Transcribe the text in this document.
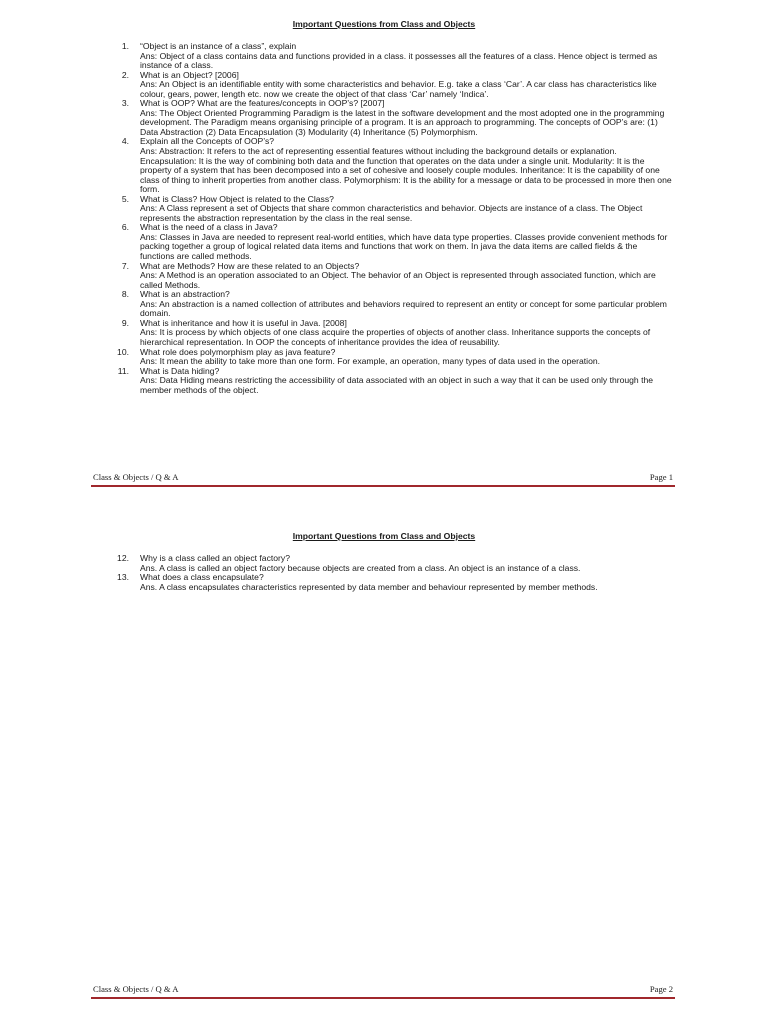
Important Questions from Class and Objects
1.	“Object is an instance of a class”, explain
Ans: Object of a class contains data and functions provided in a class. it possesses all the features of a class. Hence object is termed as instance of a class.
2.	What is an Object? [2006]
Ans: An Object is an identifiable entity with some characteristics and behavior. E.g. take a class ‘Car’. A car class has characteristics like colour, gears, power, length etc. now we create the object of that class ‘Car’ namely ‘Indica’.
3.	What is OOP? What are the features/concepts in OOP’s? [2007]
Ans: The Object Oriented Programming Paradigm is the latest in the software development and the most adopted one in the programming development. The Paradigm means organising principle of a program. It is an approach to programming. The concepts of OOP’s are: (1) Data Abstraction (2) Data Encapsulation (3) Modularity (4) Inheritance (5) Polymorphism.
4.	Explain all the Concepts of OOP’s?
Ans: Abstraction: It refers to the act of representing essential features without including the background details or explanation. Encapsulation: It is the way of combining both data and the function that operates on the data under a single unit. Modularity: It is the property of a system that has been decomposed into a set of cohesive and loosely couple modules. Inheritance: It is the capability of one class of thing to inherit properties from another class. Polymorphism: It is the ability for a message or data to be processed in more then one form.
5.	What is Class? How Object is related to the Class?
Ans: A Class represent a set of Objects that share common characteristics and behavior. Objects are instance of a class. The Object represents the abstraction representation by the class in the real sense.
6.	What is the need of a class in Java?
Ans: Classes in Java are needed to represent real-world entities, which have data type properties. Classes provide convenient methods for packing together a group of logical related data items and functions that work on them. In java the data items are called fields & the functions are called methods.
7.	What are Methods? How are these related to an Objects?
Ans: A Method is an operation associated to an Object. The behavior of an Object is represented through associated function, which are called Methods.
8.	What is an abstraction?
Ans: An abstraction is a named collection of attributes and behaviors required to represent an entity or concept for some particular problem domain.
9.	What is inheritance and how it is useful in Java. [2008]
Ans: It is process by which objects of one class acquire the properties of objects of another class. Inheritance supports the concepts of hierarchical representation. In OOP the concepts of inheritance provides the idea of reusability.
10.	What role does polymorphism play as java feature?
Ans: It mean the ability to take more than one form. For example, an operation, many types of data used in the operation.
11.	What is Data hiding?
Ans: Data Hiding means restricting the accessibility of data associated with an object in such a way that it can be used only through the member methods of the object.
Class & Objects / Q & A	Page 1
Important Questions from Class and Objects
12.	Why is a class called an object factory?
Ans. A class is called an object factory because objects are created from a class. An object is an instance of a class.
13.	What does a class encapsulate?
Ans. A class encapsulates characteristics represented by data member and behaviour represented by member methods.
Class & Objects / Q & A	Page 2
